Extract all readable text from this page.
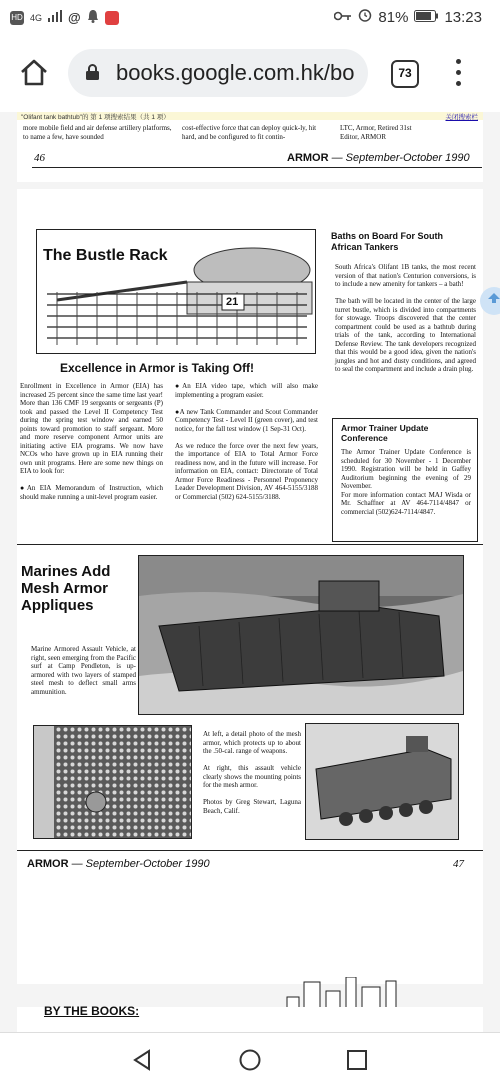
HD 4G @	81% 13:23
books.google.com.hk/bo	73
"Olifant tank bathtub"的 第 1 项搜索结果（共 1 项）	关闭搜索栏
more mobile field and air defense artillery platforms, to name a few, have sounded
cost-effective force that can deploy quick-ly, hit hard, and be configured to fit contin-
LTC, Armor, Retired 31st Editor, ARMOR
46	ARMOR — September-October 1990
The Bustle Rack
21
Excellence in Armor is Taking Off!
Enrollment in Excellence in Armor (EIA) has increased 25 percent since the same time last year! More than 136 CMF 19 sergeants or sergeants (P) took and passed the Level II Competency Test during the spring test window and earned 50 points toward promotion to staff sergeant. More and more reserve component Armor units are initiating active EIA programs. We now have NCOs who have grown up in EIA running their own unit programs. Here are some new things on EIA to look for:

●An EIA Memorandum of Instruction, which should make running a unit-level program easier.
●An EIA video tape, which will also make implementing a program easier.

●A new Tank Commander and Scout Commander Competency Test - Level II (green cover), and test notice, for the fall test window (1 Sep-31 Oct).

As we reduce the force over the next few years, the importance of EIA to Total Armor Force readiness now, and in the future will increase. For information on EIA, contact: Directorate of Total Armor Force Readiness - Personnel Proponency Leader Development Division, AV 464-5155/3188 or Commercial (502) 624-5155/3188.
Baths on Board For South African Tankers
South Africa's Olifant 1B tanks, the most recent version of that nation's Centurion conversions, is to include a new amenity for tankers – a bath!

The bath will be located in the center of the large turret bustle, which is divided into compartments for stowage. Troops discovered that the center compartment could be used as a bathtub during trials of the tank, according to International Defense Review. The tank developers recognized that this would be a good idea, given the nation's jungles and hot and dusty conditions, and agreed to seal the compartment and include a drain plug.
Armor Trainer Update Conference
The Armor Trainer Update Conference is scheduled for 30 November - 1 December 1990. Registration will be held in Gaffey Auditorium beginning the evening of 29 November.
For more information contact MAJ Wisda or Mr. Schaffner at AV 464-7114/4847 or commercial (502)624-7114/4847.
Marines Add Mesh Armor Appliques
Marine Armored Assault Vehicle, at right, seen emerging from the Pacific surf at Camp Pendleton, is up-armored with two layers of stamped steel mesh to deflect small arms ammunition.
At left, a detail photo of the mesh armor, which protects up to about the .50-cal. range of weapons.

At right, this assault vehicle clearly shows the mounting points for the mesh armor.

Photos by Greg Stewart, Laguna Beach, Calif.
ARMOR — September-October 1990	47
BY THE BOOKS:
